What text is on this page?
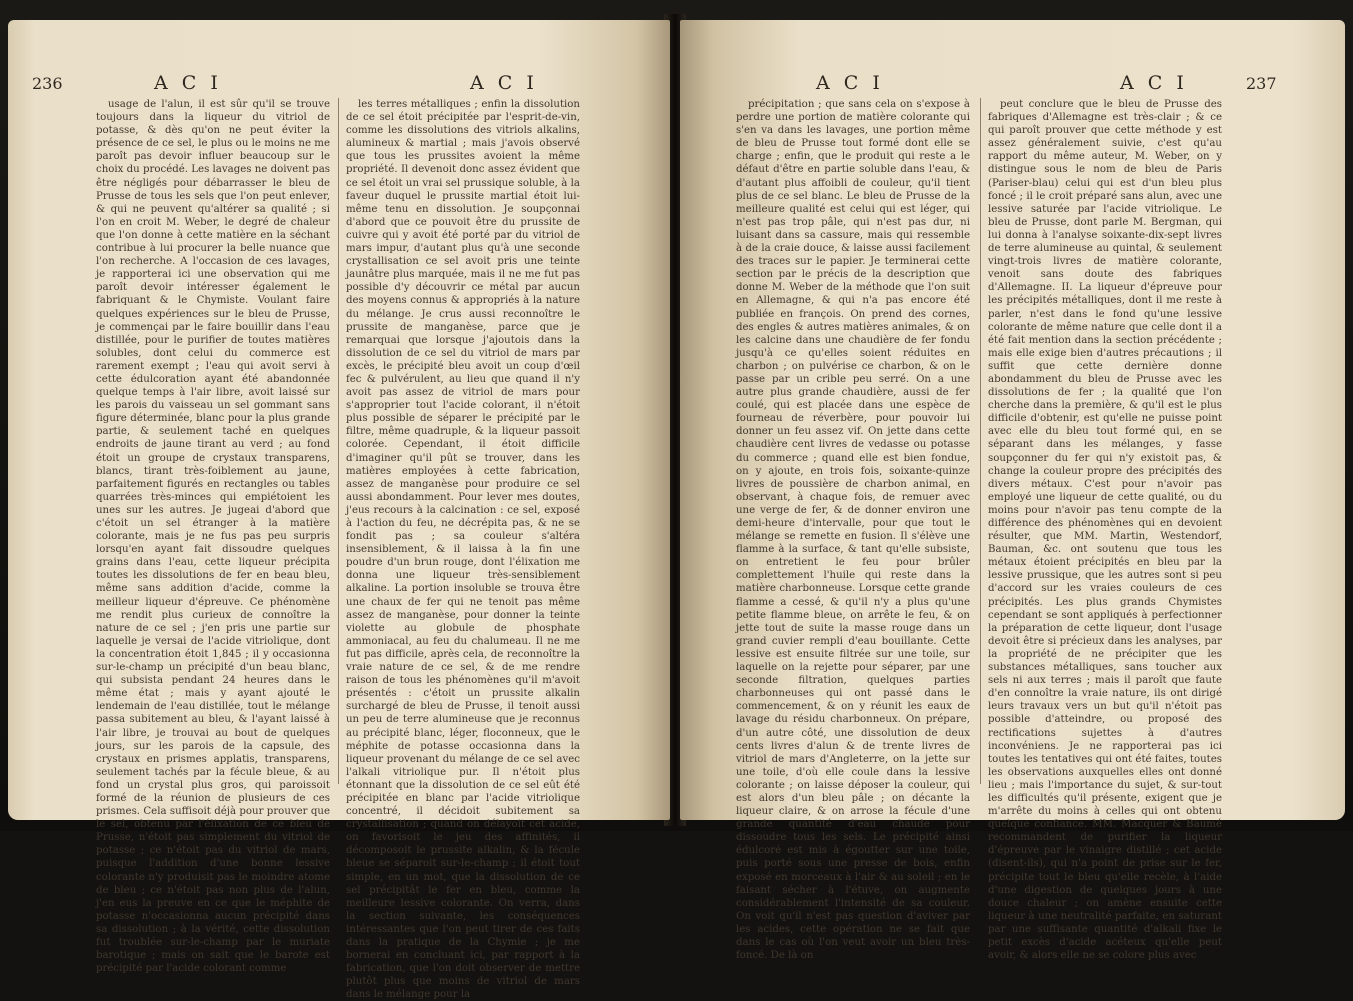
236	A C I	A C I

usage de l'alun, il est sûr qu'il se trouve toujours dans la liqueur du vitriol de potasse, & dès qu'on ne peut éviter la présence de ce sel, le plus ou le moins ne me paroît pas devoir influer beaucoup sur le choix du procédé. Les lavages ne doivent pas être négligés pour débarrasser le bleu de Prusse de tous les sels que l'on peut enlever, & qui ne peuvent qu'altérer sa qualité ; si l'on en croit M. Weber, le degré de chaleur que l'on donne à cette matière en la séchant contribue à lui procurer la belle nuance que l'on recherche. A l'occasion de ces lavages, je rapporterai ici une observation qui me paroît devoir intéresser également le fabriquant & le Chymiste. Voulant faire quelques expériences sur le bleu de Prusse, je commençai par le faire bouillir dans l'eau distillée, pour le purifier de toutes matières solubles, dont celui du commerce est rarement exempt ; l'eau qui avoit servi à cette édulcoration ayant été abandonnée quelque temps à l'air libre, avoit laissé sur les parois du vaisseau un sel gommant sans figure déterminée, blanc pour la plus grande partie, & seulement taché en quelques endroits de jaune tirant au verd ; au fond étoit un groupe de crystaux transparens, blancs, tirant très-foiblement au jaune, parfaitement figurés en rectangles ou tables quarrées très-minces qui empiétoient les unes sur les autres. Je jugeai d'abord que c'étoit un sel étranger à la matière colorante, mais je ne fus pas peu surpris lorsqu'en ayant fait dissoudre quelques grains dans l'eau, cette liqueur précipita toutes les dissolutions de fer en beau bleu, même sans addition d'acide, comme la meilleur liqueur d'épreuve. Ce phénomène me rendit plus curieux de connoître la nature de ce sel ; j'en pris une partie sur laquelle je versai de l'acide vitriolique, dont la concentration étoit 1,845 ; il y occasionna sur-le-champ un précipité d'un beau blanc, qui subsista pendant 24 heures dans le même état ; mais y ayant ajouté le lendemain de l'eau distillée, tout le mélange passa subitement au bleu, & l'ayant laissé à l'air libre, je trouvai au bout de quelques jours, sur les parois de la capsule, des crystaux en prismes applatis, transparens, seulement tachés par la fécule bleue, & au fond un crystal plus gros, qui paroissoit formé de la réunion de plusieurs de ces prismes. Cela suffisoit déjà pour prouver que le sel, obtenu par l'élixation de ce bleu de Prusse, n'étoit pas simplement du vitriol de potasse ; ce n'étoit pas du vitriol de mars, puisque l'addition d'une bonne lessive colorante n'y produisit pas le moindre atome de bleu ; ce n'étoit pas non plus de l'alun, j'en eus la preuve en ce que le méphite de potasse n'occasionna aucun précipité dans sa dissolution ; à la vérité, cette dissolution fut troublée sur-le-champ par le muriate barotique ; mais on sait que le barote est précipité par l'acide colorant comme

les terres métalliques ; enfin la dissolution de ce sel étoit précipitée par l'esprit-de-vin, comme les dissolutions des vitriols alkalins, alumineux & martial ; mais j'avois observé que tous les prussites avoient la même propriété. Il devenoit donc assez évident que ce sel étoit un vrai sel prussique soluble, à la faveur duquel le prussite martial étoit lui-même tenu en dissolution. Je soupçonnai d'abord que ce pouvoit être du prussite de cuivre qui y avoit été porté par du vitriol de mars impur, d'autant plus qu'à une seconde crystallisation ce sel avoit pris une teinte jaunâtre plus marquée, mais il ne me fut pas possible d'y découvrir ce métal par aucun des moyens connus & appropriés à la nature du mélange. Je crus aussi reconnoître le prussite de manganèse, parce que je remarquai que lorsque j'ajoutois dans la dissolution de ce sel du vitriol de mars par excès, le précipité bleu avoit un coup d'œil fec & pulvérulent, au lieu que quand il n'y avoit pas assez de vitriol de mars pour s'approprier tout l'acide colorant, il n'étoit plus possible de séparer le précipité par le filtre, même quadruple, & la liqueur passoit colorée. Cependant, il étoit difficile d'imaginer qu'il pût se trouver, dans les matières employées à cette fabrication, assez de manganèse pour produire ce sel aussi abondamment. Pour lever mes doutes, j'eus recours à la calcination : ce sel, exposé à l'action du feu, ne décrépita pas, & ne se fondit pas ; sa couleur s'altéra insensiblement, & il laissa à la fin une poudre d'un brun rouge, dont l'élixation me donna une liqueur très-sensiblement alkaline. La portion insoluble se trouva être une chaux de fer qui ne tenoit pas même assez de manganèse, pour donner la teinte violette au globule de phosphate ammoniacal, au feu du chalumeau. Il ne me fut pas difficile, après cela, de reconnoître la vraie nature de ce sel, & de me rendre raison de tous les phénomènes qu'il m'avoit présentés : c'étoit un prussite alkalin surchargé de bleu de Prusse, il tenoit aussi un peu de terre alumineuse que je reconnus au précipité blanc, léger, floconneux, que le méphite de potasse occasionna dans la liqueur provenant du mélange de ce sel avec l'alkali vitriolique pur. Il n'étoit plus étonnant que la dissolution de ce sel eût été précipitée en blanc par l'acide vitriolique concentré, il décidoit subitement sa crystallisation ; quand on délayoit cet acide, on favorisoit le jeu des affinités, il décomposoit le prussite alkalin, & la fécule bleue se séparoit sur-le-champ ; il étoit tout simple, en un mot, que la dissolution de ce sel précipitât le fer en bleu, comme la meilleure lessive colorante. On verra, dans la section suivante, les conséquences intéressantes que l'on peut tirer de ces faits dans la pratique de la Chymie ; je me bornerai en concluant ici, par rapport à la fabrication, que l'on doit observer de mettre plutôt plus que moins de vitriol de mars dans le mélange pour la

A C I	A C I	237

précipitation ; que sans cela on s'expose à perdre une portion de matière colorante qui s'en va dans les lavages, une portion même de bleu de Prusse tout formé dont elle se charge ; enfin, que le produit qui reste a le défaut d'être en partie soluble dans l'eau, & d'autant plus affoibli de couleur, qu'il tient plus de ce sel blanc. Le bleu de Prusse de la meilleure qualité est celui qui est léger, qui n'est pas trop pâle, qui n'est pas dur, ni luisant dans sa cassure, mais qui ressemble à de la craie douce, & laisse aussi facilement des traces sur le papier. Je terminerai cette section par le précis de la description que donne M. Weber de la méthode que l'on suit en Allemagne, & qui n'a pas encore été publiée en françois. On prend des cornes, des engles & autres matières animales, & on les calcine dans une chaudière de fer fondu jusqu'à ce qu'elles soient réduites en charbon ; on pulvérise ce charbon, & on le passe par un crible peu serré. On a une autre plus grande chaudière, aussi de fer coulé, qui est placée dans une espèce de fourneau de réverbère, pour pouvoir lui donner un feu assez vif. On jette dans cette chaudière cent livres de vedasse ou potasse du commerce ; quand elle est bien fondue, on y ajoute, en trois fois, soixante-quinze livres de poussière de charbon animal, en observant, à chaque fois, de remuer avec une verge de fer, & de donner environ une demi-heure d'intervalle, pour que tout le mélange se remette en fusion. Il s'élève une flamme à la surface, & tant qu'elle subsiste, on entretient le feu pour brûler complettement l'huile qui reste dans la matière charbonneuse. Lorsque cette grande flamme a cessé, & qu'il n'y a plus qu'une petite flamme bleue, on arrête le feu, & on jette tout de suite la masse rouge dans un grand cuvier rempli d'eau bouillante. Cette lessive est ensuite filtrée sur une toile, sur laquelle on la rejette pour séparer, par une seconde filtration, quelques parties charbonneuses qui ont passé dans le commencement, & on y réunit les eaux de lavage du résidu charbonneux. On prépare, d'un autre côté, une dissolution de deux cents livres d'alun & de trente livres de vitriol de mars d'Angleterre, on la jette sur une toile, d'où elle coule dans la lessive colorante ; on laisse déposer la couleur, qui est alors d'un bleu pâle ; on décante la liqueur claire, & on arrose la fécule d'une grande quantité d'eau chaude pour dissoudre tous les sels. Le précipité ainsi édulcoré est mis à égoutter sur une toile, puis porté sous une presse de bois, enfin exposé en morceaux à l'air & au soleil ; en le faisant sécher à l'étuve, on augmente considérablement l'intensité de sa couleur. On voit qu'il n'est pas question d'aviver par les acides, cette opération ne se fait que dans le cas où l'on veut avoir un bleu très-foncé. De là on

peut conclure que le bleu de Prusse des fabriques d'Allemagne est très-clair ; & ce qui paroît prouver que cette méthode y est assez généralement suivie, c'est qu'au rapport du même auteur, M. Weber, on y distingue sous le nom de bleu de Paris (Pariser-blau) celui qui est d'un bleu plus foncé ; il le croit préparé sans alun, avec une lessive saturée par l'acide vitriolique. Le bleu de Prusse, dont parle M. Bergman, qui lui donna à l'analyse soixante-dix-sept livres de terre alumineuse au quintal, & seulement vingt-trois livres de matière colorante, venoit sans doute des fabriques d'Allemagne. II. La liqueur d'épreuve pour les précipités métalliques, dont il me reste à parler, n'est dans le fond qu'une lessive colorante de même nature que celle dont il a été fait mention dans la section précédente ; mais elle exige bien d'autres précautions ; il suffit que cette dernière donne abondamment du bleu de Prusse avec les dissolutions de fer ; la qualité que l'on cherche dans la première, & qu'il est le plus difficile d'obtenir, est qu'elle ne puisse point avec elle du bleu tout formé qui, en se séparant dans les mélanges, y fasse soupçonner du fer qui n'y existoit pas, & change la couleur propre des précipités des divers métaux. C'est pour n'avoir pas employé une liqueur de cette qualité, ou du moins pour n'avoir pas tenu compte de la différence des phénomènes qui en devoient résulter, que MM. Martin, Westendorf, Bauman, &c. ont soutenu que tous les métaux étoient précipités en bleu par la lessive prussique, que les autres sont si peu d'accord sur les vraies couleurs de ces précipités. Les plus grands Chymistes cependant se sont appliqués à perfectionner la préparation de cette liqueur, dont l'usage devoit être si précieux dans les analyses, par la propriété de ne précipiter que les substances métalliques, sans toucher aux sels ni aux terres ; mais il paroît que faute d'en connoître la vraie nature, ils ont dirigé leurs travaux vers un but qu'il n'étoit pas possible d'atteindre, ou proposé des rectifications sujettes à d'autres inconvéniens. Je ne rapporterai pas ici toutes les tentatives qui ont été faites, toutes les observations auxquelles elles ont donné lieu ; mais l'importance du sujet, & sur-tout les difficultés qu'il présente, exigent que je m'arrête du moins à celles qui ont obtenu quelque confiance. MM. Macquer & Baumé recommandent de purifier la liqueur d'épreuve par le vinaigre distillé ; cet acide (disent-ils), qui n'a point de prise sur le fer, précipite tout le bleu qu'elle recèle, à l'aide d'une digestion de quelques jours à une douce chaleur ; on amène ensuite cette liqueur à une neutralité parfaite, en saturant par une suffisante quantité d'alkali fixe le petit excès d'acide acéteux qu'elle peut avoir, & alors elle ne se colore plus avec
